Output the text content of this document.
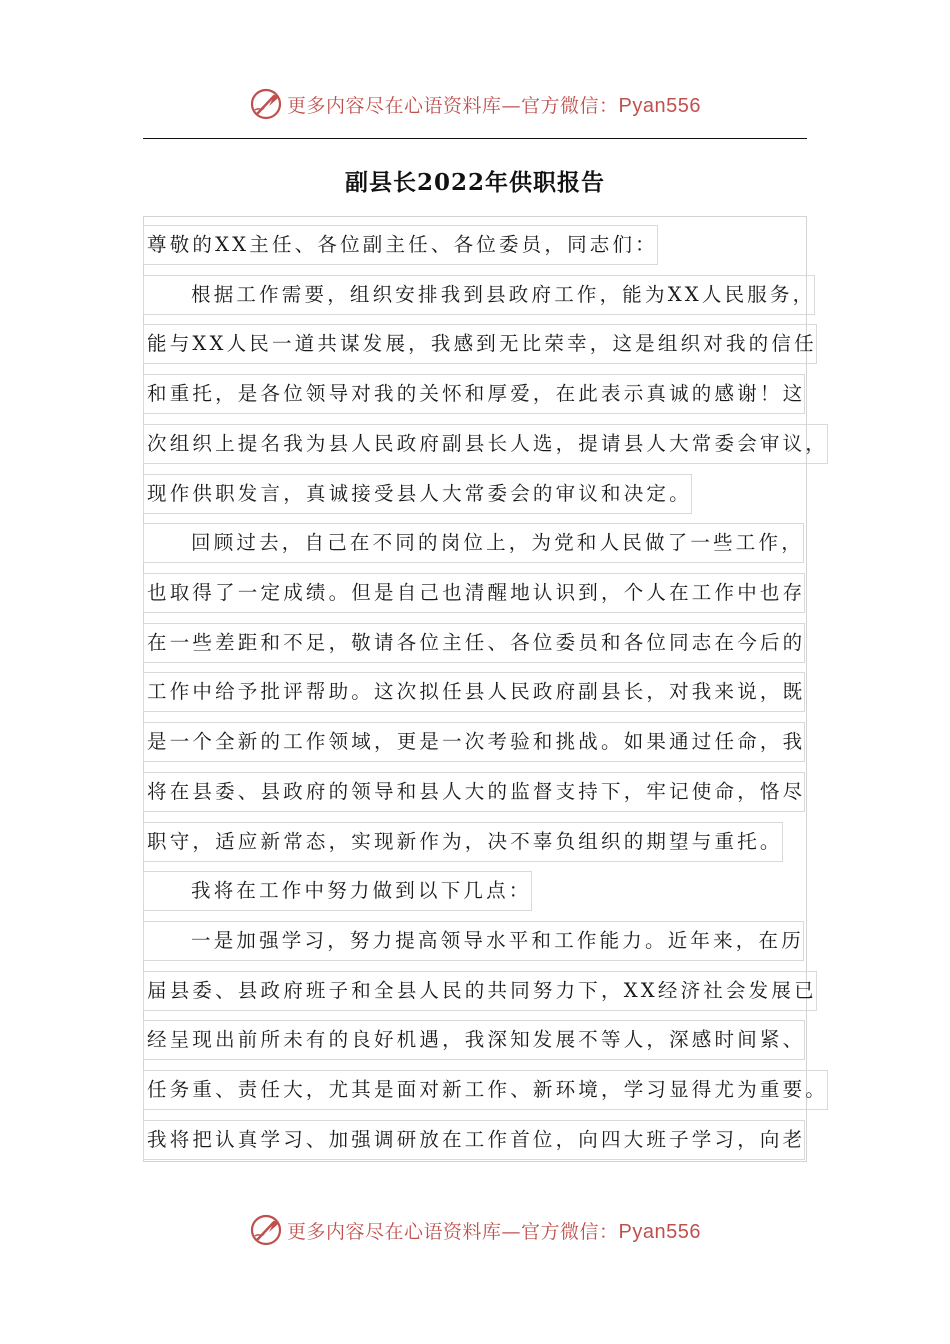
更多内容尽在心语资料库—官方微信：Pyan556
副县长2022年供职报告
尊敬的XX主任、各位副主任、各位委员，同志们：
根据工作需要，组织安排我到县政府工作，能为XX人民服务，
能与XX人民一道共谋发展，我感到无比荣幸，这是组织对我的信任
和重托，是各位领导对我的关怀和厚爱，在此表示真诚的感谢！这
次组织上提名我为县人民政府副县长人选，提请县人大常委会审议，
现作供职发言，真诚接受县人大常委会的审议和决定。
回顾过去，自己在不同的岗位上，为党和人民做了一些工作，
也取得了一定成绩。但是自己也清醒地认识到，个人在工作中也存
在一些差距和不足，敬请各位主任、各位委员和各位同志在今后的
工作中给予批评帮助。这次拟任县人民政府副县长，对我来说，既
是一个全新的工作领域，更是一次考验和挑战。如果通过任命，我
将在县委、县政府的领导和县人大的监督支持下，牢记使命，恪尽
职守，适应新常态，实现新作为，决不辜负组织的期望与重托。
我将在工作中努力做到以下几点：
一是加强学习，努力提高领导水平和工作能力。近年来，在历
届县委、县政府班子和全县人民的共同努力下，XX经济社会发展已
经呈现出前所未有的良好机遇，我深知发展不等人，深感时间紧、
任务重、责任大，尤其是面对新工作、新环境，学习显得尤为重要。
我将把认真学习、加强调研放在工作首位，向四大班子学习，向老
更多内容尽在心语资料库—官方微信：Pyan556
